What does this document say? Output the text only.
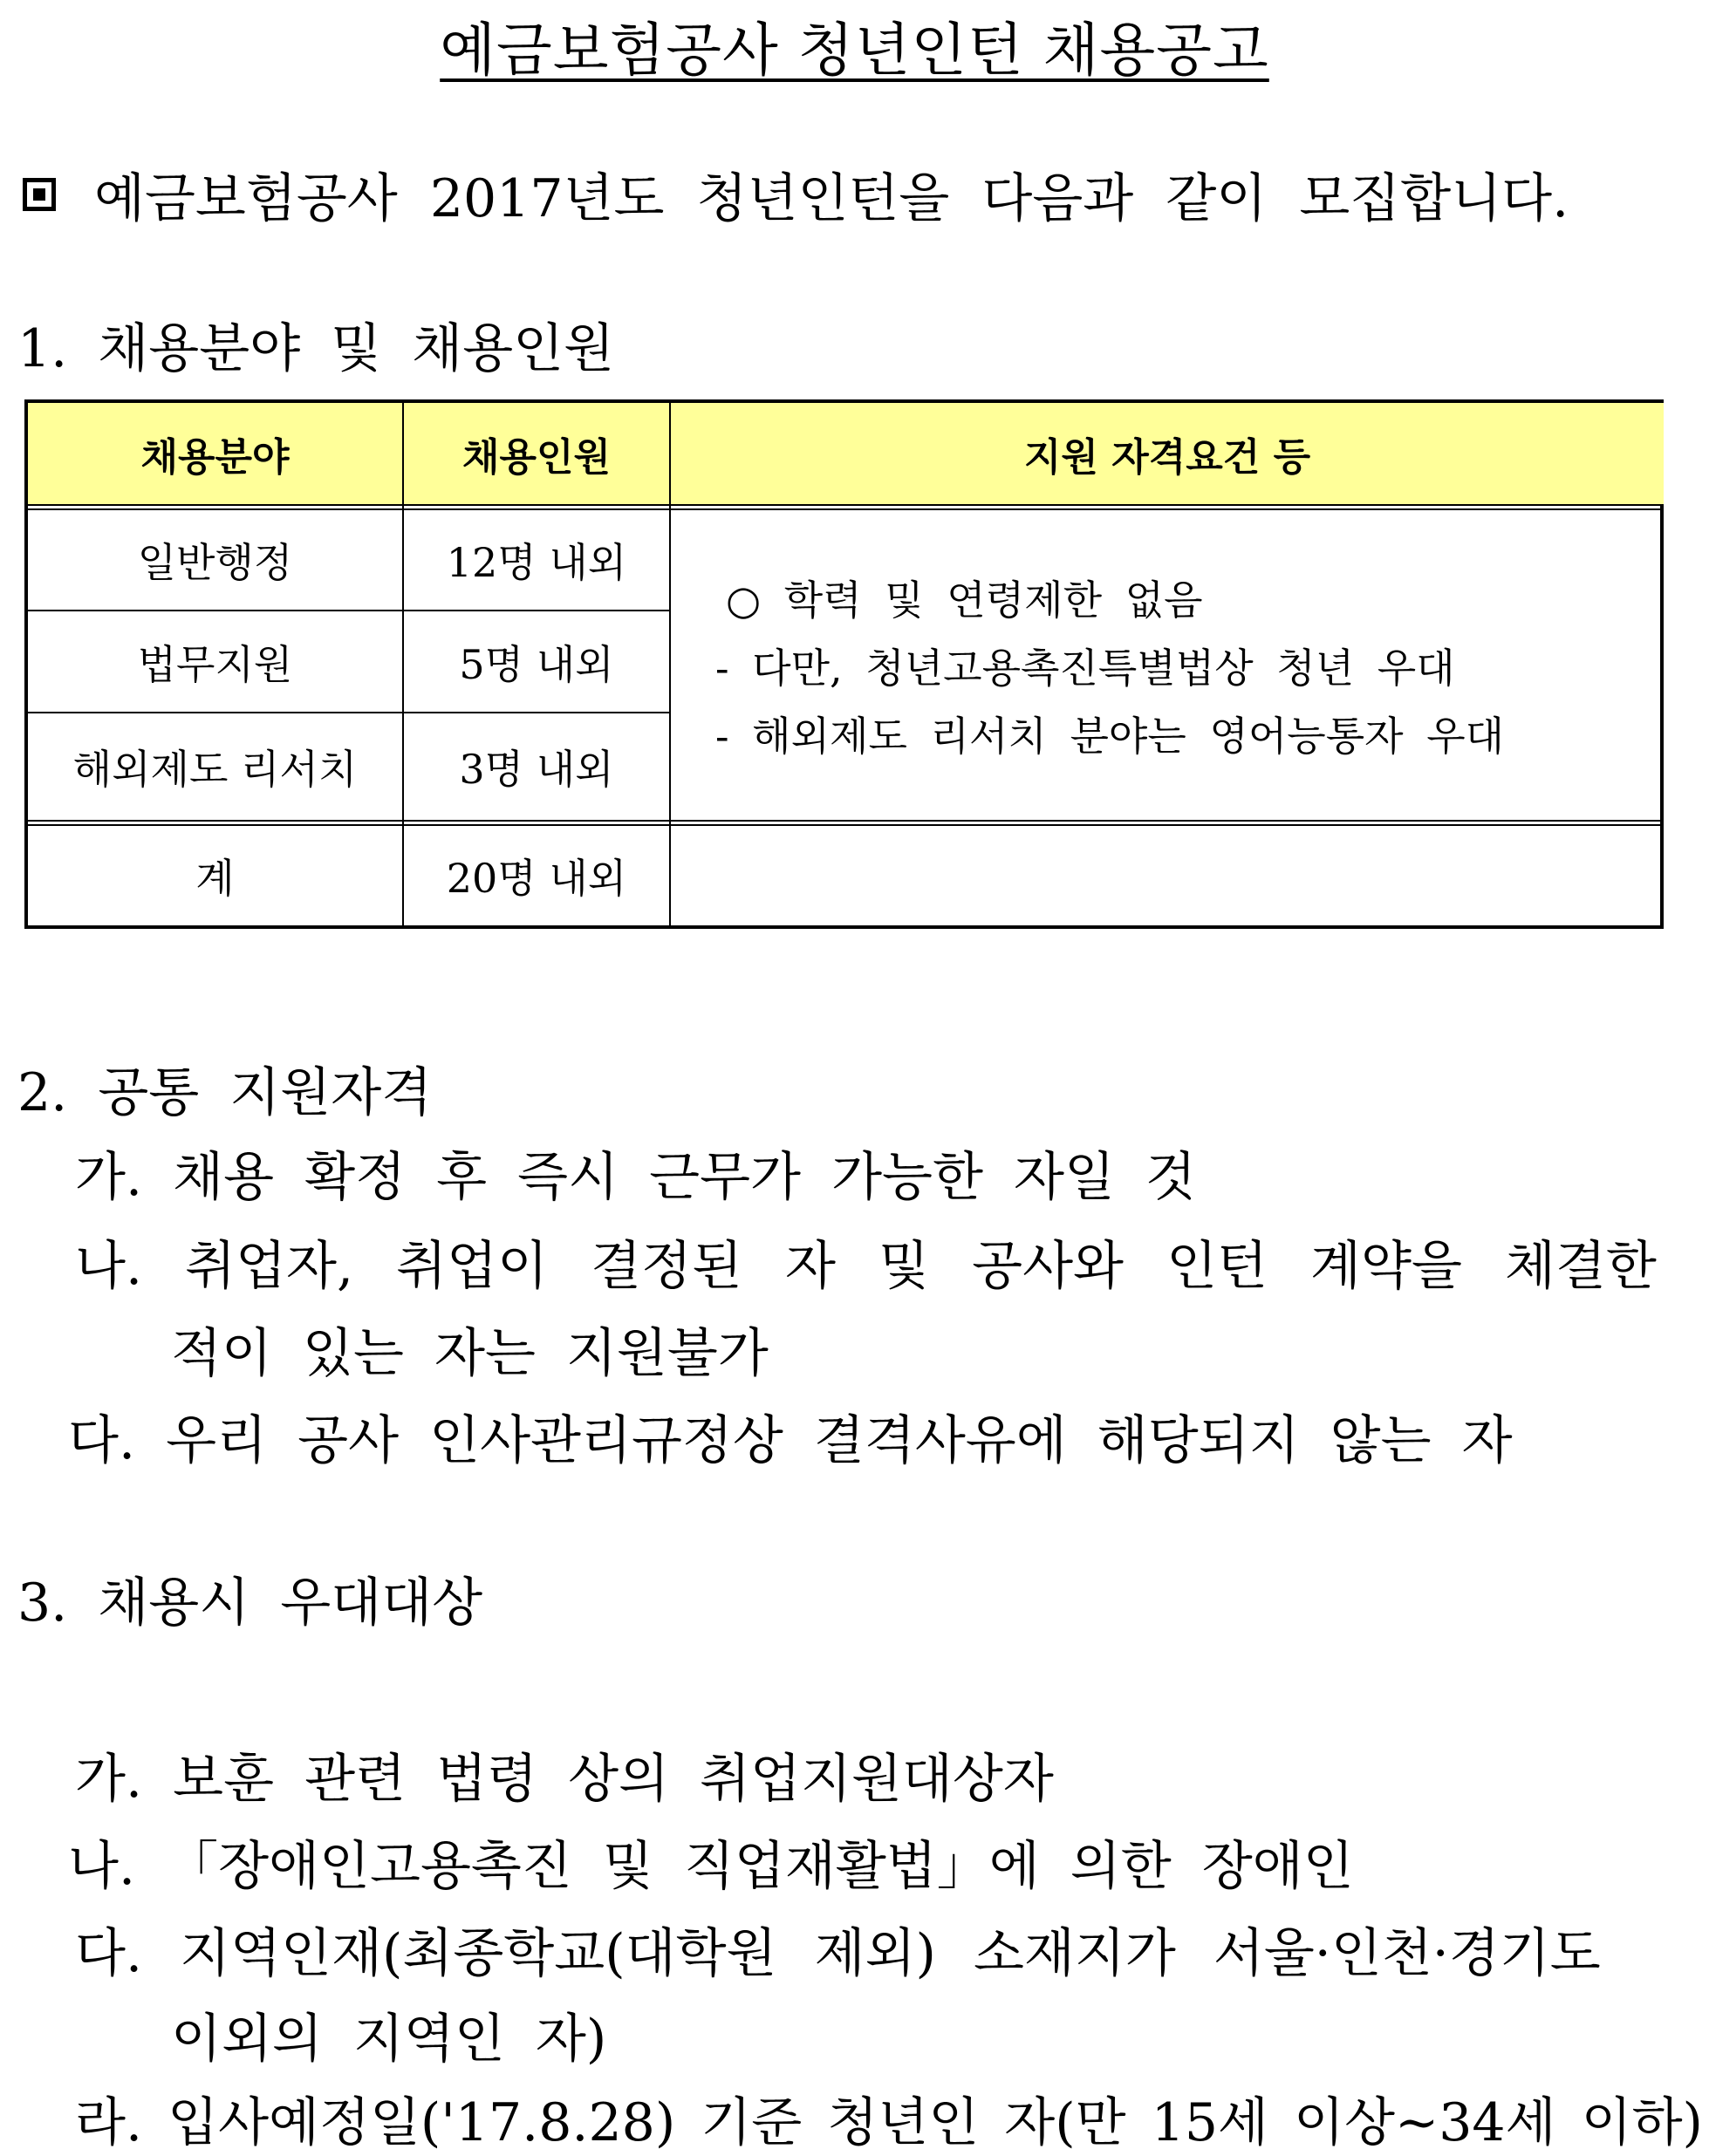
예금보험공사 청년인턴 채용공고
예금보험공사 2017년도 청년인턴을 다음과 같이 모집합니다.
1. 채용분야 및 채용인원
채용분야	채용인원	지원 자격요건 등
일반행정	12명 내외
법무지원	5명 내외
해외제도 리서치	3명 내외
계	20명 내외
○ 학력 및 연령제한 없음
- 다만, 청년고용촉진특별법상 청년 우대
- 해외제도 리서치 분야는 영어능통자 우대
2. 공통 지원자격
가. 채용 확정 후 즉시 근무가 가능한 자일 것
나. 취업자, 취업이 결정된 자 및 공사와 인턴 계약을 체결한
적이 있는 자는 지원불가
다. 우리 공사 인사관리규정상 결격사유에 해당되지 않는 자
3. 채용시 우대대상
가. 보훈 관련 법령 상의 취업지원대상자
나. 「장애인고용촉진 및 직업재활법」에 의한 장애인
다. 지역인재(최종학교(대학원 제외) 소재지가 서울·인천·경기도
이외의 지역인 자)
라. 입사예정일('17.8.28) 기준 청년인 자(만 15세 이상~34세 이하)
